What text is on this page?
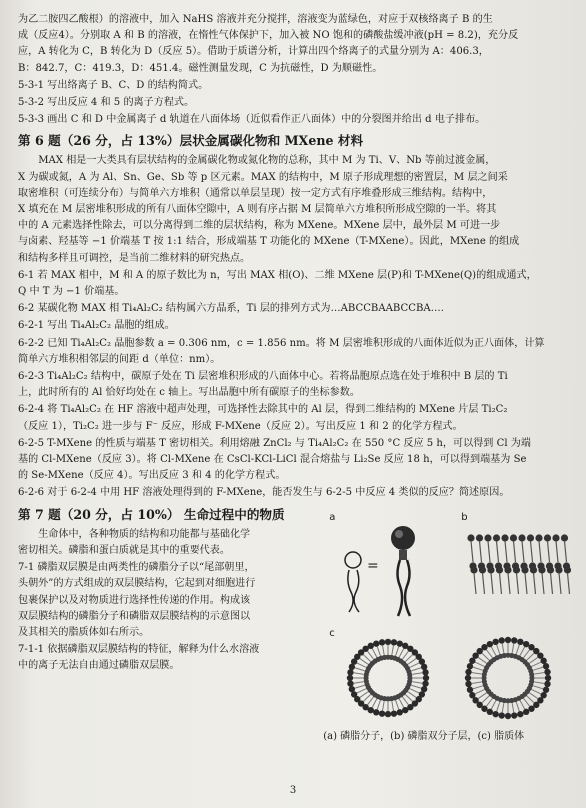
为乙二胺四乙酸根）的溶液中，加入 NaHS 溶液并充分搅拌，溶液变为蓝绿色，对应于双核络离子 B 的生

成（反应4）。分别取 A 和 B 的溶液，在惰性气体保护下，加入被 NO 饱和的磷酸盐缓冲液(pH = 8.2)，充分反

应，A 转化为 C，B 转化为 D（反应 5）。借助于质谱分析，计算出四个络离子的式量分别为 A：406.3，

B：842.7，C：419.3，D：451.4。磁性测量发现，C 为抗磁性，D 为顺磁性。

5-3-1 写出络离子 B、C、D 的结构简式。

5-3-2 写出反应 4 和 5 的离子方程式。

5-3-3 画出 C 和 D 中金属离子 d 轨道在八面体场（近似看作正八面体）中的分裂图并给出 d 电子排布。

第 6 题（26 分，占 13%）层状金属碳化物和 MXene 材料

MAX 相是一大类具有层状结构的金属碳化物或氮化物的总称，其中 M 为 Ti、V、Nb 等前过渡金属，

X 为碳或氮，A 为 Al、Sn、Ge、Sb 等 p 区元素。MAX 的结构中，M 原子形成理想的密置层，M 层之间采

取密堆积（可连续分布）与简单六方堆积（通常以单层呈现）按一定方式有序堆叠形成三维结构。结构中，

X 填充在 M 层密堆积形成的所有八面体空隙中，A 则有序占据 M 层简单六方堆积所形成空隙的一半。将其

中的 A 元素选择性除去，可以分离得到二维的层状结构，称为 MXene。MXene 层中，最外层 M 可进一步

与卤素、羟基等 −1 价端基 T 按 1:1 结合，形成端基 T 功能化的 MXene（T-MXene）。因此，MXene 的组成

和结构多样且可调控，是当前二维材料的研究热点。

6-1 若 MAX 相中，M 和 A 的原子数比为 n，写出 MAX 相(O)、二维 MXene 层(P)和 T-MXene(Q)的组成通式，

Q 中 T 为 −1 价端基。

6-2 某碳化物 MAX 相 Ti₄Al₂C₂ 结构属六方晶系，Ti 层的排列方式为…ABCCBAABCCBA….

6-2-1 写出 Ti₄Al₂C₂ 晶胞的组成。

6-2-2 已知 Ti₄Al₂C₂ 晶胞参数 a = 0.306 nm，c = 1.856 nm。将 M 层密堆积形成的八面体近似为正八面体，计算

简单六方堆积相邻层的间距 d（单位：nm）。

6-2-3 Ti₄Al₂C₂ 结构中，碳原子处在 Ti 层密堆积形成的八面体中心。若将晶胞原点选在处于堆积中 B 层的 Ti

上，此时所有的 Al 恰好均处在 c 轴上。写出晶胞中所有碳原子的坐标参数。

6-2-4 将 Ti₄Al₂C₂ 在 HF 溶液中超声处理，可选择性去除其中的 Al 层，得到二维结构的 MXene 片层 Ti₂C₂

（反应 1），Ti₂C₂ 进一步与 F⁻ 反应，形成 F-MXene（反应 2）。写出反应 1 和 2 的化学方程式。

6-2-5 T-MXene 的性质与端基 T 密切相关。利用熔融 ZnCl₂ 与 Ti₄Al₂C₂ 在 550 °C 反应 5 h，可以得到 Cl 为端

基的 Cl-MXene（反应 3）。将 Cl-MXene 在 CsCl-KCl-LiCl 混合熔盐与 Li₂Se 反应 18 h，可以得到端基为 Se

的 Se-MXene（反应 4）。写出反应 3 和 4 的化学方程式。

6-2-6 对于 6-2-4 中用 HF 溶液处理得到的 F-MXene，能否发生与 6-2-5 中反应 4 类似的反应？简述原因。

第 7 题（20 分，占 10%） 生命过程中的物质

生命体中，各种物质的结构和功能都与基础化学

密切相关。磷脂和蛋白质就是其中的重要代表。

7-1 磷脂双层膜是由两类性的磷脂分子以“尾部朝里，

头朝外”的方式组成的双层膜结构，它起到对细胞进行

包裹保护以及对物质进行选择性传递的作用。构成该

双层膜结构的磷脂分子和磷脂双层膜结构的示意图以

及其相关的脂质体如右所示。

7-1-1 依据磷脂双层膜结构的特征，解释为什么水溶液

中的离子无法自由通过磷脂双层膜。

a	b
c
=

(a) 磷脂分子，(b) 磷脂双分子层，(c) 脂质体

3
